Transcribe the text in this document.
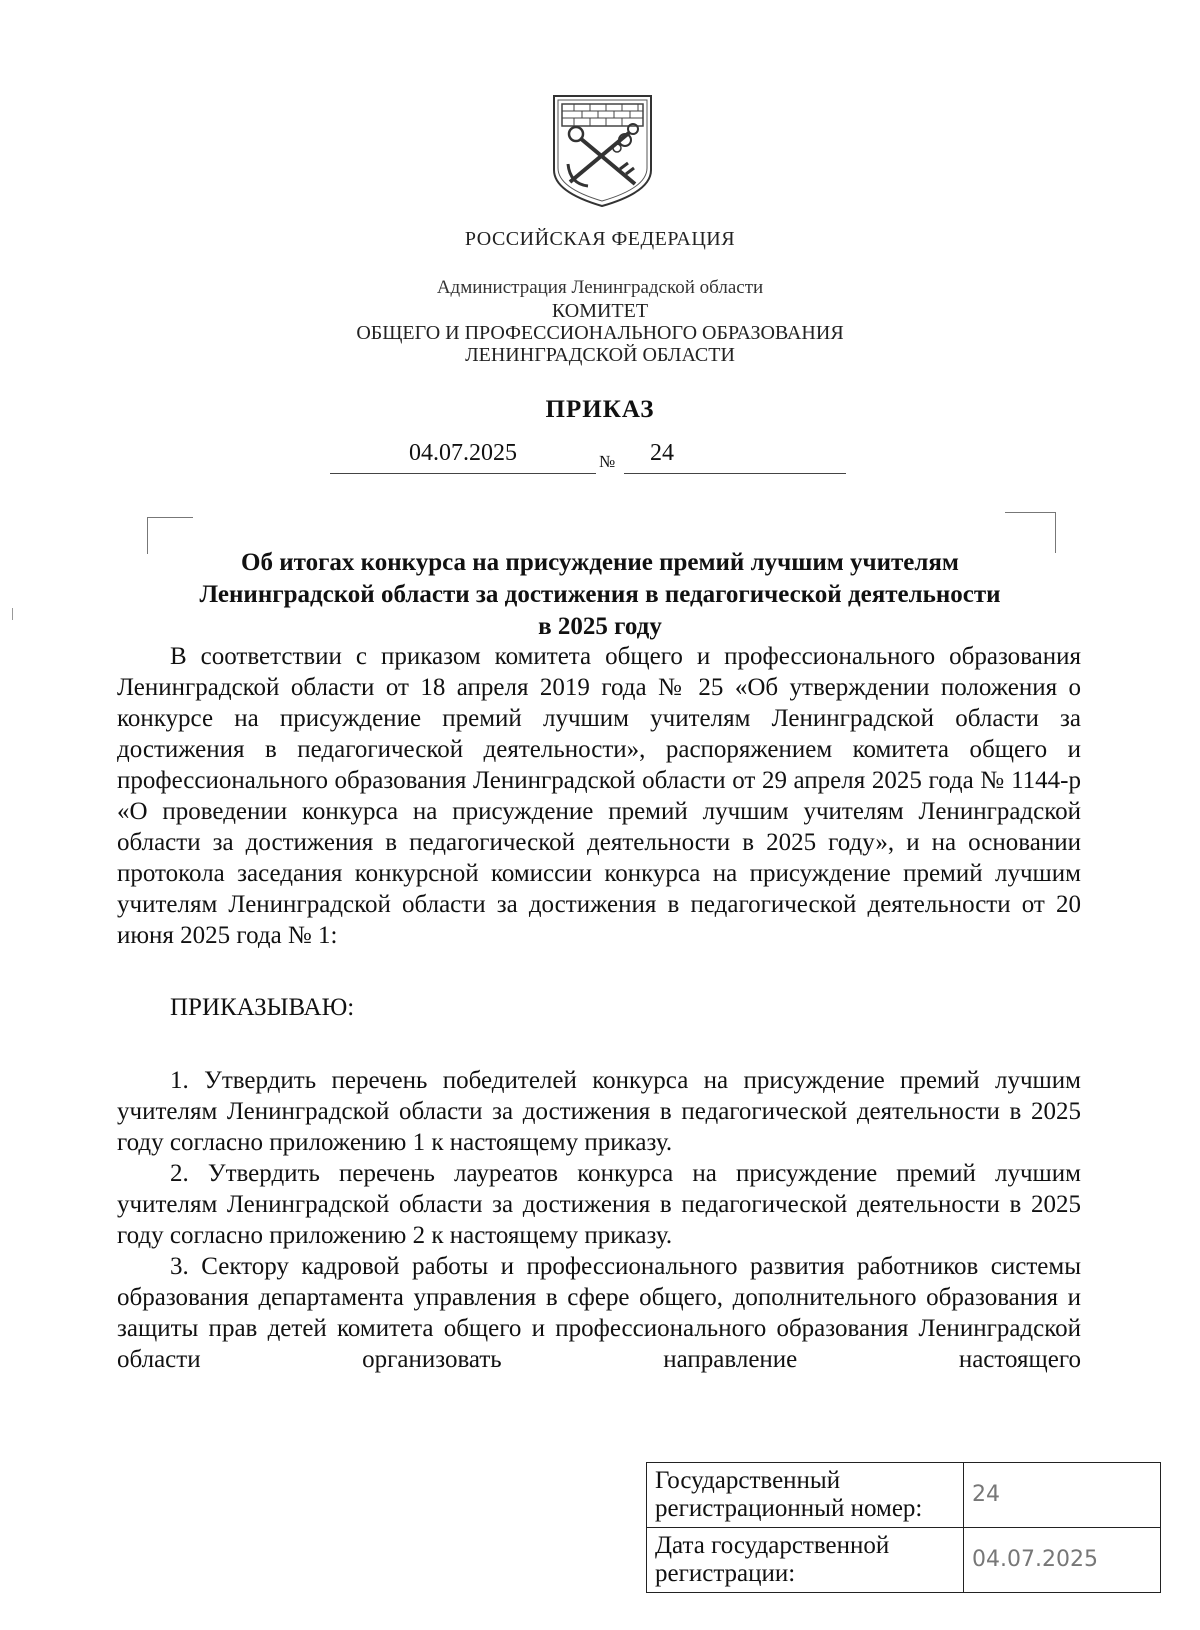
РОССИЙСКАЯ ФЕДЕРАЦИЯ
Администрация Ленинградской области
КОМИТЕТ
ОБЩЕГО И ПРОФЕССИОНАЛЬНОГО ОБРАЗОВАНИЯ
ЛЕНИНГРАДСКОЙ ОБЛАСТИ
ПРИКАЗ
04.07.2025	№	24
Об итогах конкурса на присуждение премий лучшим учителям
Ленинградской области за достижения в педагогической деятельности
в 2025 году

В соответствии с приказом комитета общего и профессионального образования Ленинградской области от 18 апреля 2019 года № 25 «Об утверждении положения о конкурсе на присуждение премий лучшим учителям Ленинградской области за достижения в педагогической деятельности», распоряжением комитета общего и профессионального образования Ленинградской области от 29 апреля 2025 года № 1144-р «О проведении конкурса на присуждение премий лучшим учителям Ленинградской области за достижения в педагогической деятельности в 2025 году», и на основании протокола заседания конкурсной комиссии конкурса на присуждение премий лучшим учителям Ленинградской области за достижения в педагогической деятельности от 20 июня 2025 года № 1:

ПРИКАЗЫВАЮ:

1. Утвердить перечень победителей конкурса на присуждение премий лучшим учителям Ленинградской области за достижения в педагогической деятельности в 2025 году согласно приложению 1 к настоящему приказу.

2. Утвердить перечень лауреатов конкурса на присуждение премий лучшим учителям Ленинградской области за достижения в педагогической деятельности в 2025 году согласно приложению 2 к настоящему приказу.

3. Сектору кадровой работы и профессионального развития работников системы образования департамента управления в сфере общего, дополнительного образования и защиты прав детей комитета общего и профессионального образования Ленинградской области организовать направление настоящего

Государственный регистрационный номер:	24
Дата государственной регистрации:	04.07.2025
